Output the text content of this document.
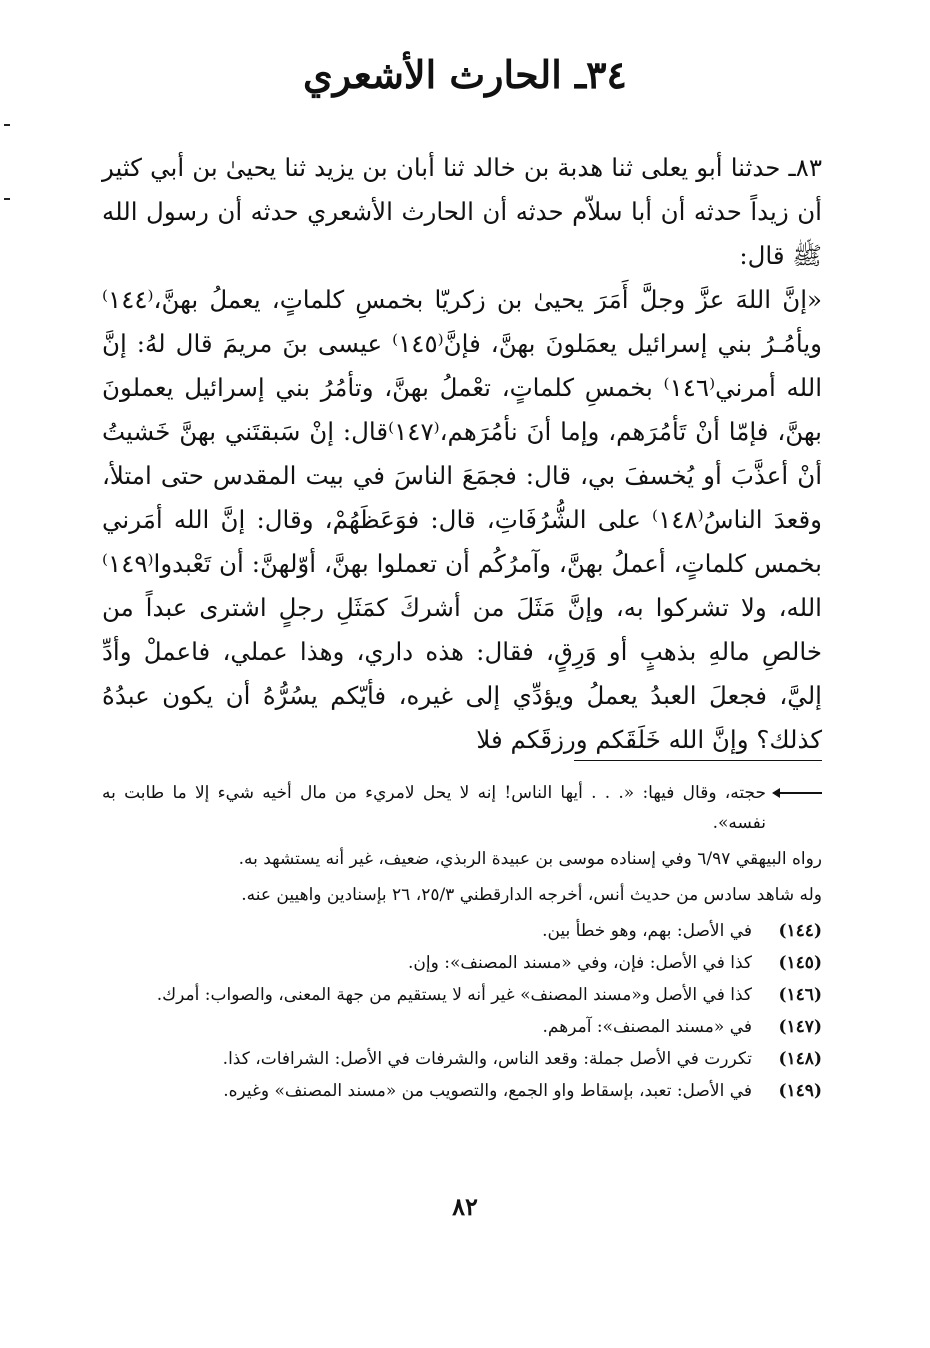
٣٤ـ الحارث الأشعري

٨٣ـ حدثنا أبو يعلى ثنا هدبة بن خالد ثنا أبان بن يزيد ثنا يحيىٰ بن أبي كثير أن زيداً حدثه أن أبا سلاّم حدثه أن الحارث الأشعري حدثه أن رسول الله ﷺ قال:

«إنَّ اللهَ عزَّ وجلَّ أَمَرَ يحيىٰ بن زكريّا بخمسِ كلماتٍ، يعملُ بهنَّ،⁽١٤٤⁾ ويأمُـرُ بني إسرائيل يعمَلونَ بهنَّ، فإنَّ⁽١٤٥⁾ عيسى بنَ مريمَ قال لهُ: إنَّ الله أمرني⁽١٤٦⁾ بخمسِ كلماتٍ، تعْملُ بهنَّ، وتأمُرُ بني إسرائيل يعملونَ بهنَّ، فإمّا أنْ تَأمُرَهم، وإما أنَ نأمُرَهم،⁽١٤٧⁾قال: إنْ سَبقتَني بهنَّ خَشيتُ أنْ أعذَّبَ أو يُخسفَ بي، قال: فجمَعَ الناسَ في بيت المقدس حتى امتلأ، وقعدَ الناسُ⁽١٤٨⁾ على الشُّرُفَاتِ، قال: فوَعَظَهُمْ، وقال: إنَّ الله أمَرني بخمس كلماتٍ، أعملُ بهنَّ، وآمرُكُم أن تعملوا بهنَّ، أوّلهنَّ: أن تَعْبدوا⁽١٤٩⁾ الله، ولا تشركوا به، وإنَّ مَثَلَ من أشركَ كمَثَلِ رجلٍ اشترى عبداً من خالصِ مالهِ بذهبٍ أو وَرِقٍ، فقال: هذه داري، وهذا عملي، فاعملْ وأدِّ إليَّ، فجعلَ العبدُ يعملُ ويؤدِّي إلى غيره، فأيّكم يسُرُّهُ أن يكون عبدُهُ كذلك؟ وإنَّ الله خَلَقَكم ورزقَكم فلا

حجته، وقال فيها: «. . . أيها الناس! إنه لا يحل لامريء من مال أخيه شيء إلا ما طابت به نفسه».

رواه البيهقي ٦/٩٧ وفي إسناده موسى بن عبيدة الربذي، ضعيف، غير أنه يستشهد به.

وله شاهد سادس من حديث أنس، أخرجه الدارقطني ٢٥/٣، ٢٦ بإسنادين واهيين عنه.

(١٤٤)
في الأصل: بهم، وهو خطأ بين.
(١٤٥)
كذا في الأصل: فإن، وفي «مسند المصنف»: وإن.
(١٤٦)
كذا في الأصل و«مسند المصنف» غير أنه لا يستقيم من جهة المعنى، والصواب: أمرك.
(١٤٧)
في «مسند المصنف»: آمرهم.
(١٤٨)
تكررت في الأصل جملة: وقعد الناس، والشرفات في الأصل: الشرافات، كذا.
(١٤٩)
في الأصل: تعبد، بإسقاط واو الجمع، والتصويب من «مسند المصنف» وغيره.
٨٢
